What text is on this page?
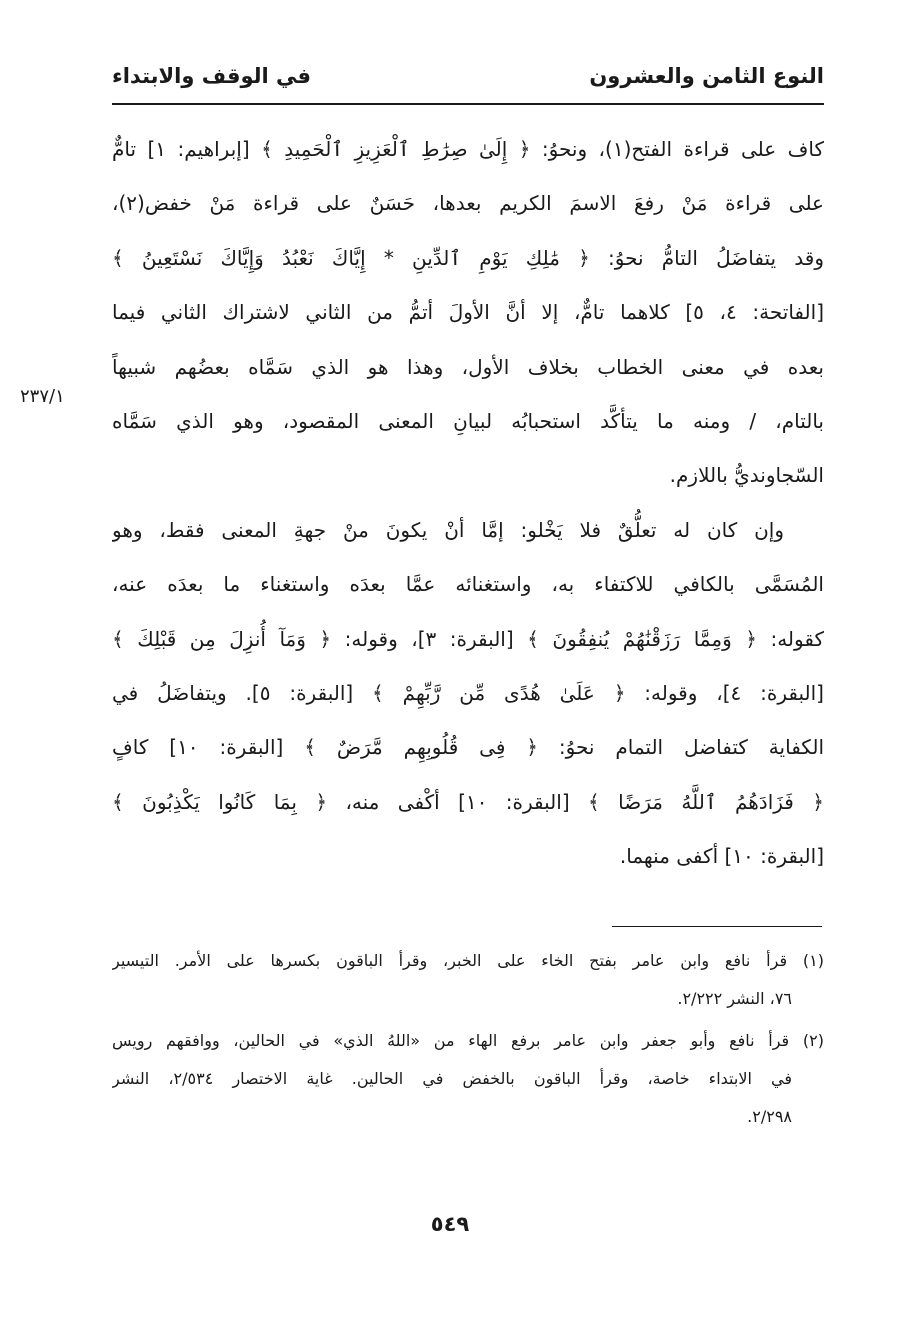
النوع الثامن والعشرون
في الوقف والابتداء

كاف على قراءة الفتح(١)، ونحوُ: ﴿ إِلَىٰ صِرَٰطِ ٱلْعَزِيزِ ٱلْحَمِيدِ ﴾ [إبراهيم: ١] تامٌّ
على قراءة مَنْ رفعَ الاسمَ الكريم بعدها، حَسَنٌ على قراءة مَنْ خفض(٢)،
وقد يتفاضَلُ التامُّ نحوُ: ﴿ مَٰلِكِ يَوْمِ ٱلدِّينِ * إِيَّاكَ نَعْبُدُ وَإِيَّاكَ نَسْتَعِينُ ﴾
[الفاتحة: ٤، ٥] كلاهما تامٌّ، إلا أنَّ الأولَ أتمُّ من الثاني لاشتراك الثاني فيما
بعده في معنى الخطاب بخلاف الأول، وهذا هو الذي سَمَّاه بعضُهم شبيهاً
بالتام، / ومنه ما يتأكَّد استحبابُه لبيانِ المعنى المقصود، وهو الذي سَمَّاه
السّجاونديُّ باللازم.

وإن كان له تعلُّقٌ فلا يَخْلو: إمَّا أنْ يكونَ منْ جهةِ المعنى فقط، وهو
المُسَمَّى بالكافي للاكتفاء به، واستغنائه عمَّا بعدَه واستغناء ما بعدَه عنه،
كقوله: ﴿ وَمِمَّا رَزَقْنَٰهُمْ يُنفِقُونَ ﴾ [البقرة: ٣]، وقوله: ﴿ وَمَآ أُنزِلَ مِن قَبْلِكَ ﴾
[البقرة: ٤]، وقوله: ﴿ عَلَىٰ هُدًى مِّن رَّبِّهِمْ ﴾ [البقرة: ٥]. ويتفاضَلُ في
الكفاية كتفاضل التمام نحوُ: ﴿ فِى قُلُوبِهِم مَّرَضٌ ﴾ [البقرة: ١٠] كافٍ
﴿ فَزَادَهُمُ ٱللَّهُ مَرَضًا ﴾ [البقرة: ١٠] أكْفى منه، ﴿ بِمَا كَانُوا يَكْذِبُونَ ﴾
[البقرة: ١٠] أكفى منهما.

٢٣٧/١
(١) قرأ نافع وابن عامر بفتح الخاء على الخبر، وقرأ الباقون بكسرها على الأمر. التيسير
٧٦، النشر ٢/٢٢٢.
(٢) قرأ نافع وأبو جعفر وابن عامر برفع الهاء من «اللهُ الذي» في الحالين، ووافقهم رويس
في الابتداء خاصة، وقرأ الباقون بالخفض في الحالين. غاية الاختصار ٢/٥٣٤، النشر
٢/٢٩٨.
٥٤٩
